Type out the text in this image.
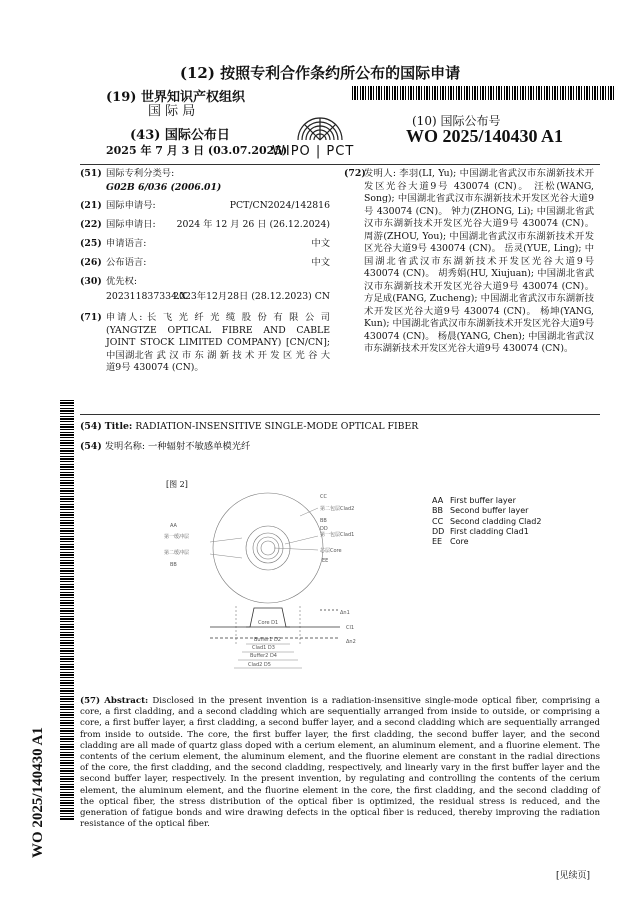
(12) 按照专利合作条约所公布的国际申请
(19) 世界知识产权组织
国 际 局
(43) 国际公布日
2025 年 7 月 3 日 (03.07.2025)
WIPO | PCT
(10) 国际公布号
WO 2025/140430 A1
(51) 国际专利分类号:
G02B 6/036 (2006.01)
(21) 国际申请号:	PCT/CN2024/142816
(22) 国际申请日: 2024 年 12 月 26 日 (26.12.2024)
(25) 申请语言:	中文
(26) 公布语言:	中文
(30) 优先权:
202311837334.X
2023年12月28日 (28.12.2023) CN
(71) 申请人: 长 飞 光 纤 光 缆 股 份 有 限 公 司(YANGTZE OPTICAL FIBRE AND CABLE JOINT STOCK LIMITED COMPANY) [CN/CN]; 中国湖北省 武 汉 市 东 湖 新 技 术 开 发 区 光 谷 大 道9号 430074 (CN)。
(72)
发明人: 李羽(LI, Yu); 中国湖北省武汉市东湖新技术开发区光谷大道9号 430074 (CN)。 汪松(WANG, Song); 中国湖北省武汉市东湖新技术开发区光谷大道9号 430074 (CN)。 钟力(ZHONG, Li); 中国湖北省武汉市东湖新技术开发区光谷大道9号 430074 (CN)。 周游(ZHOU, You); 中国湖北省武汉市东湖新技术开发区光谷大道9号 430074 (CN)。 岳灵(YUE, Ling); 中国湖北省武汉市东湖新技术开发区光谷大道9号 430074 (CN)。 胡秀娟(HU, Xiujuan); 中国湖北省武汉市东湖新技术开发区光谷大道9号 430074 (CN)。 方足成(FANG, Zucheng); 中国湖北省武汉市东湖新技术开发区光谷大道9号 430074 (CN)。 杨坤(YANG, Kun); 中国湖北省武汉市东湖新技术开发区光谷大道9号 430074 (CN)。 杨晨(YANG, Chen); 中国湖北省武汉市东湖新技术开发区光谷大道9号 430074 (CN)。
(54) Title: RADIATION-INSENSITIVE SINGLE-MODE OPTICAL FIBER
(54) 发明名称: 一种辐射不敏感单模光纤
[图 2]
CC
第二包层Clad2
BB
AA
第一缓冲层
DD
第一包层Clad1
第二缓冲层	芯层Core
BB
EE
Δn1
Cl1
Δn2
Core D1
Buffer1 D2
Clad1 D3
Buffer2 D4
Clad2 D5
AA First buffer layer
BB Second buffer layer
CC Second cladding Clad2
DD First cladding Clad1
EE Core
(57) Abstract: Disclosed in the present invention is a radiation-insensitive single-mode optical fiber, comprising a core, a first cladding, and a second cladding which are sequentially arranged from inside to outside, or comprising a core, a first buffer layer, a first cladding, a second buffer layer, and a second cladding which are sequentially arranged from inside to outside. The core, the first buffer layer, the first cladding, the second buffer layer, and the second cladding are all made of quartz glass doped with a cerium element, an aluminum element, and a fluorine element. The contents of the cerium element, the aluminum element, and the fluorine element are constant in the radial directions of the core, the first cladding, and the second cladding, respectively, and linearly vary in the first buffer layer and the second buffer layer, respectively. In the present invention, by regulating and controlling the contents of the cerium element, the aluminum element, and the fluorine element in the core, the first cladding, and the second cladding of the optical fiber, the stress distribution of the optical fiber is optimized, the residual stress is reduced, and the generation of fatigue bonds and wire drawing defects in the optical fiber is reduced, thereby improving the radiation resistance of the optical fiber.
WO 2025/140430 A1
[见续页]
